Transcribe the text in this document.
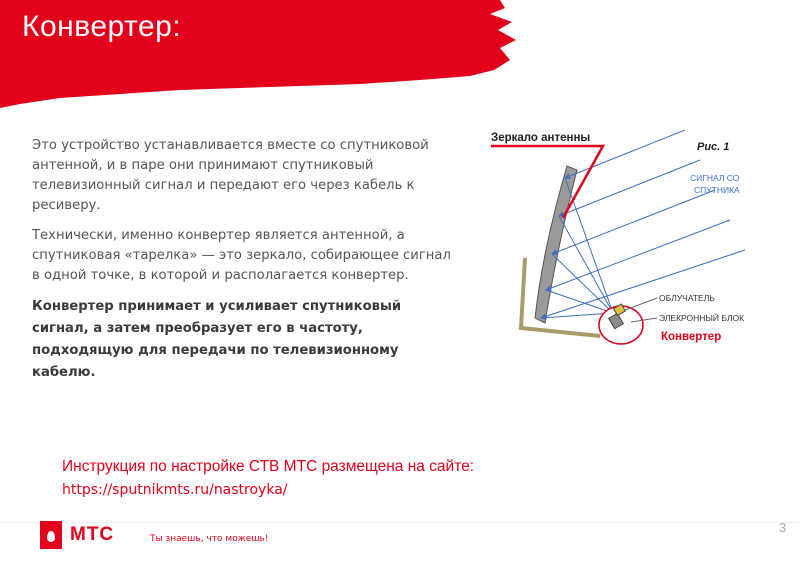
Конвертер:

Это устройство устанавливается вместе со спутниковой антенной, и в паре они принимают спутниковый телевизионный сигнал и передают его через кабель к ресиверу.

Технически, именно конвертер является антенной, а спутниковая «тарелка» — это зеркало, собирающее сигнал в одной точке, в которой и располагается конвертер.

Конвертер принимает и усиливает спутниковый сигнал, а затем преобразует его в частоту, подходящую для передачи по телевизионному кабелю.

Зеркало антенны
Рис. 1
СИГНАЛ СО
СПУТНИКА
ОБЛУЧАТЕЛЬ
ЭЛЕКРОННЫЙ БЛОК
Конвертер
Инструкция по настройке СТВ МТС размещена на сайте:
https://sputnikmts.ru/nastroyka/
МТС	Ты знаешь, что можешь!
3
